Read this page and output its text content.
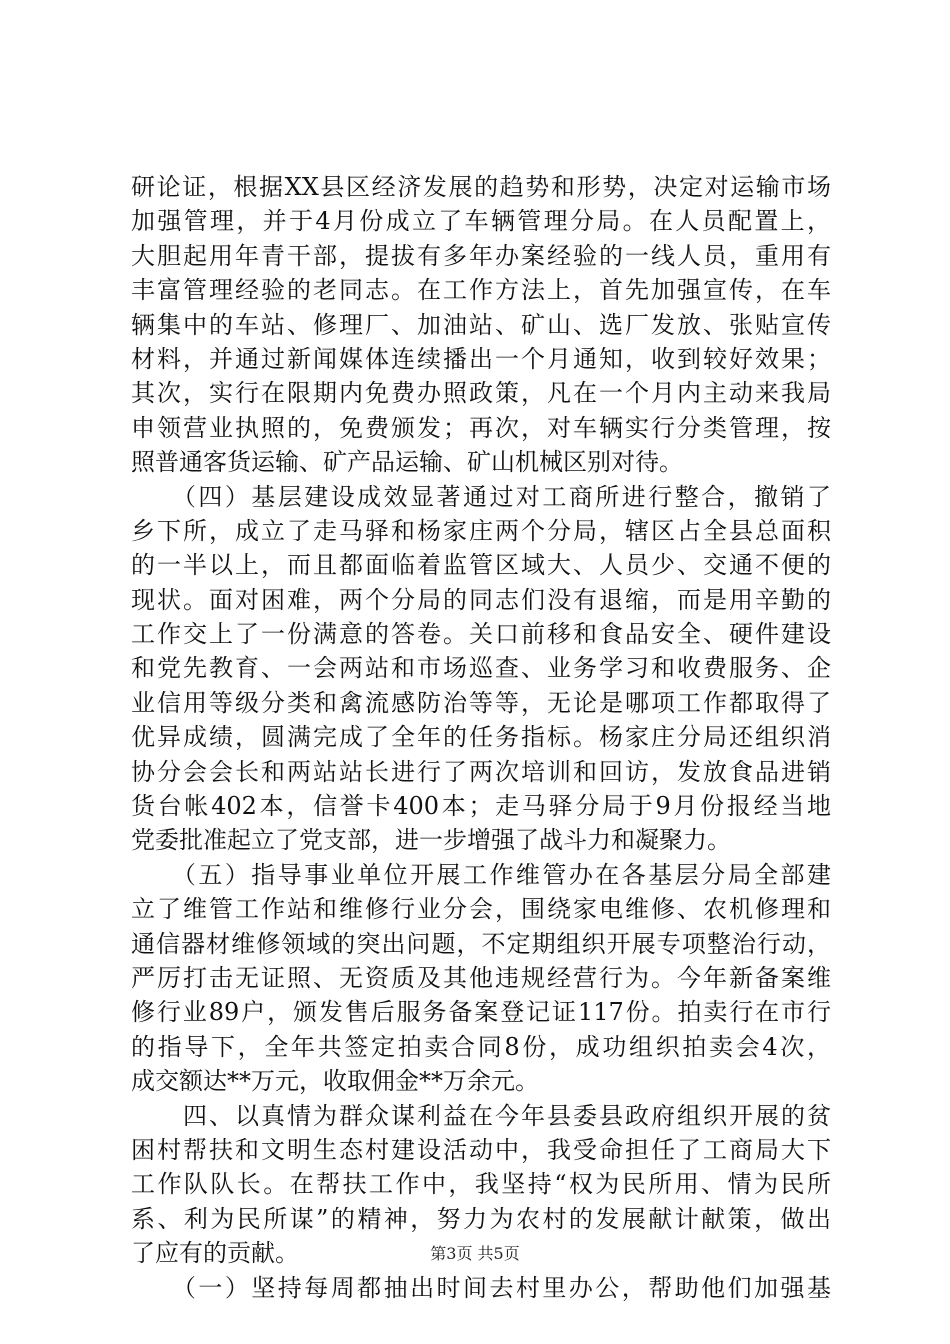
研论证，根据XX县区经济发展的趋势和形势，决定对运输市场
加强管理，并于4月份成立了车辆管理分局。在人员配置上，
大胆起用年青干部，提拔有多年办案经验的一线人员，重用有
丰富管理经验的老同志。在工作方法上，首先加强宣传，在车
辆集中的车站、修理厂、加油站、矿山、选厂发放、张贴宣传
材料，并通过新闻媒体连续播出一个月通知，收到较好效果；
其次，实行在限期内免费办照政策，凡在一个月内主动来我局
申领营业执照的，免费颁发；再次，对车辆实行分类管理，按
照普通客货运输、矿产品运输、矿山机械区别对待。
　　（四）基层建设成效显著通过对工商所进行整合，撤销了
乡下所，成立了走马驿和杨家庄两个分局，辖区占全县总面积
的一半以上，而且都面临着监管区域大、人员少、交通不便的
现状。面对困难，两个分局的同志们没有退缩，而是用辛勤的
工作交上了一份满意的答卷。关口前移和食品安全、硬件建设
和党先教育、一会两站和市场巡查、业务学习和收费服务、企
业信用等级分类和禽流感防治等等，无论是哪项工作都取得了
优异成绩，圆满完成了全年的任务指标。杨家庄分局还组织消
协分会会长和两站站长进行了两次培训和回访，发放食品进销
货台帐402本，信誉卡400本；走马驿分局于9月份报经当地
党委批准起立了党支部，进一步增强了战斗力和凝聚力。
　　（五）指导事业单位开展工作维管办在各基层分局全部建
立了维管工作站和维修行业分会，围绕家电维修、农机修理和
通信器材维修领域的突出问题，不定期组织开展专项整治行动，
严厉打击无证照、无资质及其他违规经营行为。今年新备案维
修行业89户，颁发售后服务备案登记证117份。拍卖行在市行
的指导下，全年共签定拍卖合同8份，成功组织拍卖会4次，
成交额达**万元，收取佣金**万余元。
　　四、以真情为群众谋利益在今年县委县政府组织开展的贫
困村帮扶和文明生态村建设活动中，我受命担任了工商局大下
工作队队长。在帮扶工作中，我坚持“权为民所用、情为民所
系、利为民所谋”的精神，努力为农村的发展献计献策，做出
了应有的贡献。
　　（一）坚持每周都抽出时间去村里办公，帮助他们加强基
第3页 共5页
